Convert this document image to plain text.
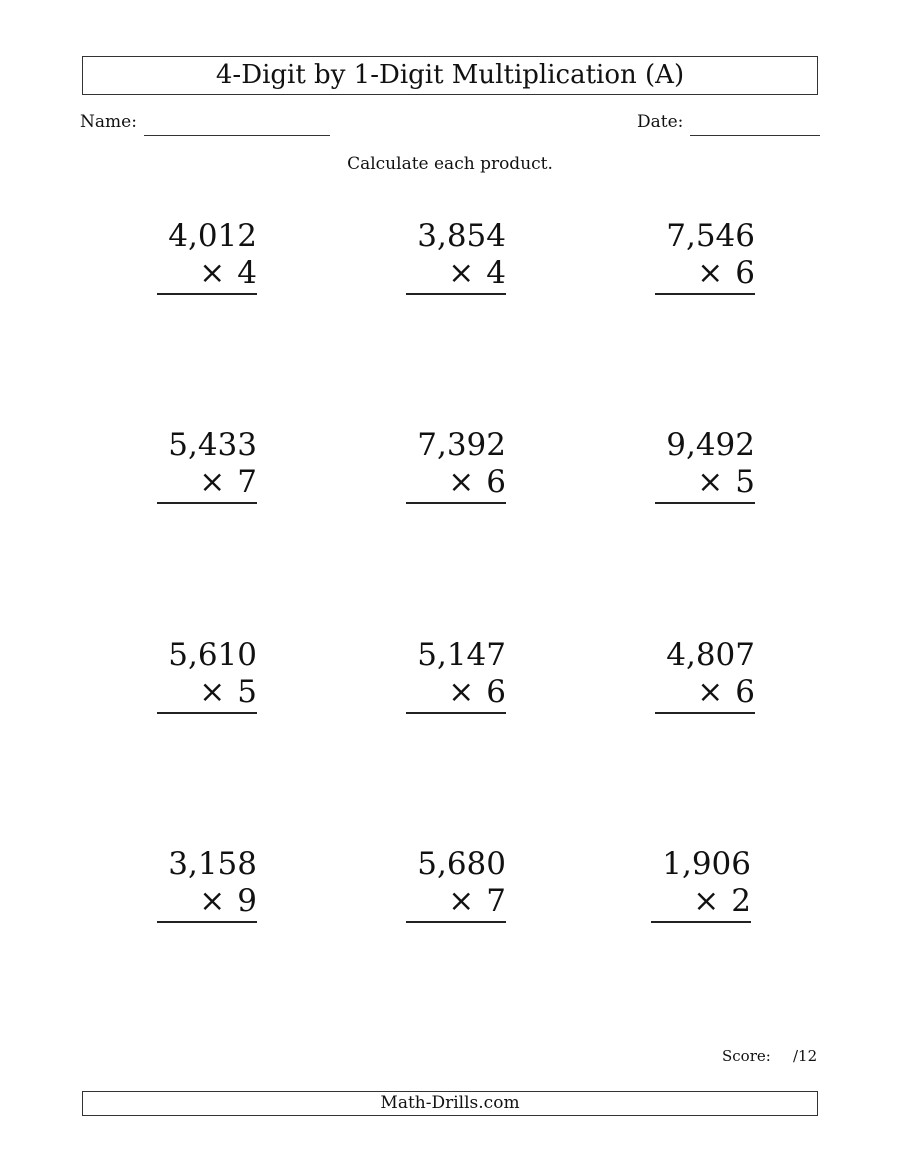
4-Digit by 1-Digit Multiplication (A)
Name:	Date:
Calculate each product.
4,012
× 4
3,854
× 4
7,546
× 6
5,433
× 7
7,392
× 6
9,492
× 5
5,610
× 5
5,147
× 6
4,807
× 6
3,158
× 9
5,680
× 7
1,906
× 2
Score: /12
Math-Drills.com
